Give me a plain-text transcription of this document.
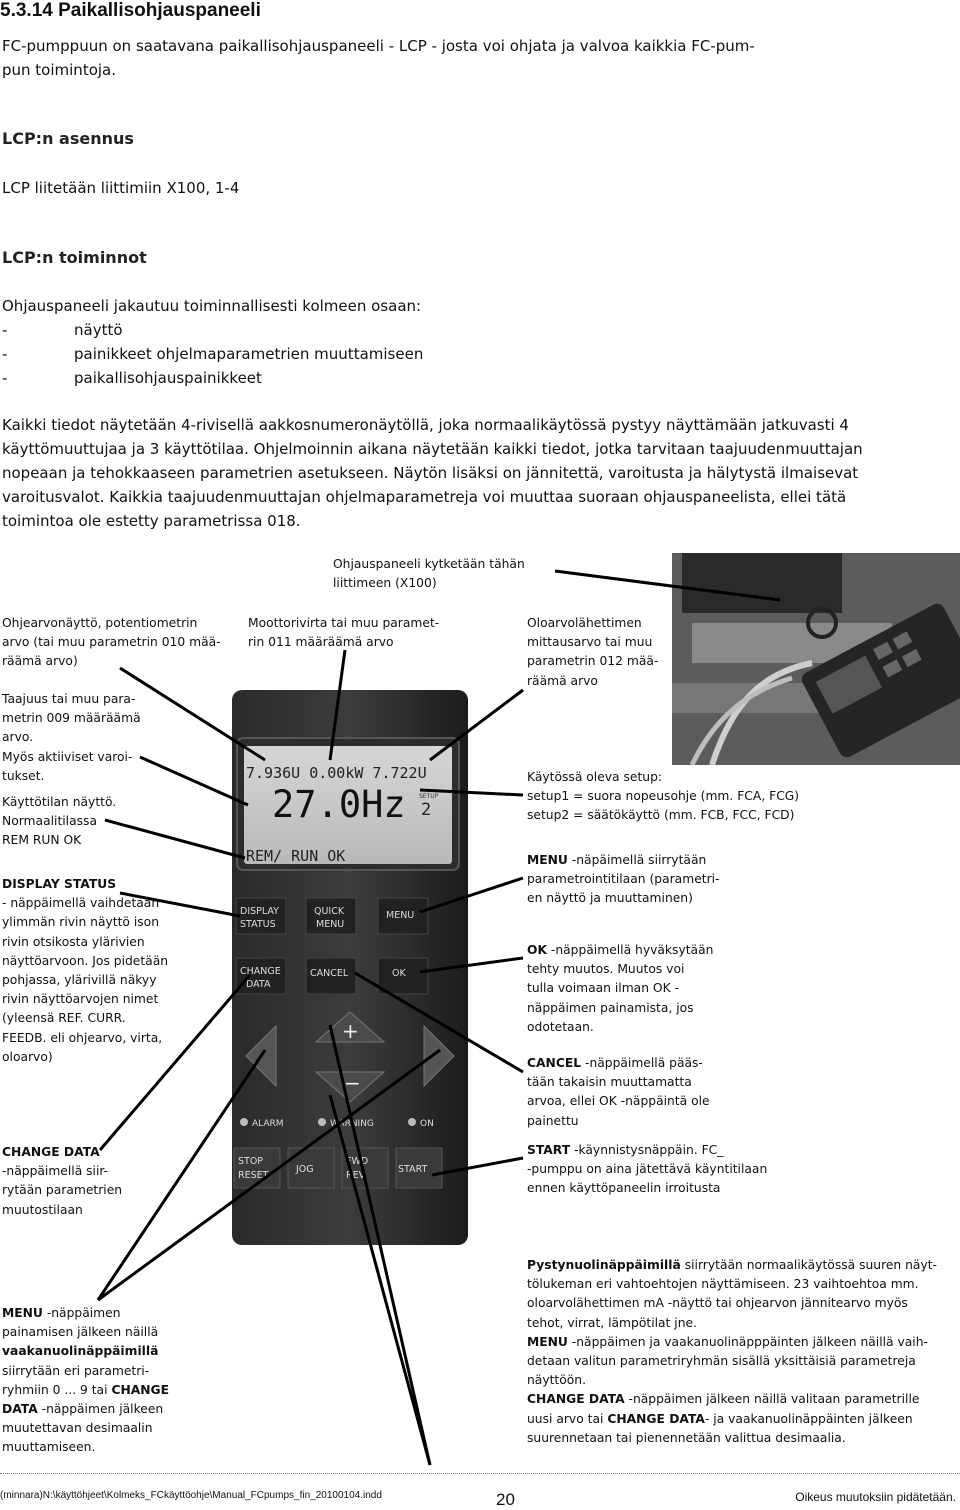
5.3.14 Paikallisohjauspaneeli
FC-pumppuun on saatavana paikallisohjauspaneeli - LCP - josta voi ohjata ja valvoa kaikkia FC-pum-
pun toimintoja.
LCP:n asennus
LCP liitetään liittimiin X100, 1-4
LCP:n toiminnot
Ohjauspaneeli jakautuu toiminnallisesti kolmeen osaan:
-	näyttö
-	painikkeet ohjelmaparametrien muuttamiseen
-	paikallisohjauspainikkeet
Kaikki tiedot näytetään 4-rivisellä aakkosnumeronäytöllä, joka normaalikäytössä pystyy näyttämään jatkuvasti 4
käyttömuuttujaa ja 3 käyttötilaa. Ohjelmoinnin aikana näytetään kaikki tiedot, jotka tarvitaan taajuudenmuuttajan
nopeaan ja tehokkaaseen parametrien asetukseen. Näytön lisäksi on jännitettä, varoitusta ja hälytystä ilmaisevat
varoitusvalot. Kaikkia taajuudenmuuttajan ohjelmaparametreja voi muuttaa suoraan ohjauspaneelista, ellei tätä
toimintoa ole estetty parametrissa 018.
7.936U 0.00kW 7.722U
27.0Hz SETUP
2
REM/ RUN OK
DISPLAY
STATUS
QUICK
MENU
MENU
CHANGE
DATA
CANCEL	OK
+
−
ALARM	WARNING	ON
STOP
RESET
JOG
FWD
REV.
START
Ohjauspaneeli kytketään tähän
liittimeen (X100)
Ohjearvonäyttö, potentiometrin
arvo (tai muu parametrin 010 mää-
räämä arvo)
Moottorivirta tai muu paramet-
rin 011 määräämä arvo
Oloarvolähettimen
mittausarvo tai muu
parametrin 012 mää-
räämä arvo
Taajuus tai muu para-
metrin 009 määräämä
arvo.
Myös aktiiviset varoi-
tukset.	Käytössä oleva setup:
setup1 = suora nopeusohje (mm. FCA, FCG)
setup2 = säätökäyttö (mm. FCB, FCC, FCD)
Käyttötilan näyttö.
Normaalitilassa
REM RUN OK
MENU -näpäimellä siirrytään
parametrointitilaan (parametri-
en näyttö ja muuttaminen)
DISPLAY STATUS
- näppäimellä vaihdetaan
ylimmän rivin näyttö ison
rivin otsikosta ylärivien
näyttöarvoon. Jos pidetään
pohjassa, ylärivillä näkyy
rivin näyttöarvojen nimet
(yleensä REF. CURR.
FEEDB. eli ohjearvo, virta,
oloarvo)
OK -näppäimellä hyväksytään
tehty muutos. Muutos voi
tulla voimaan ilman OK -
näppäimen painamista, jos
odotetaan.
CANCEL -näppäimellä pääs-
tään takaisin muuttamatta
arvoa, ellei OK -näppäintä ole
painettu
CHANGE DATA
-näppäimellä siir-
rytään parametrien
muutostilaan
START -käynnistysnäppäin. FC_
-pumppu on aina jätettävä käyntitilaan
ennen käyttöpaneelin irroitusta
MENU -näppäimen
painamisen jälkeen näillä
vaakanuolinäppäimillä
siirrytään eri parametri-
ryhmiin 0 ... 9 tai CHANGE
DATA -näppäimen jälkeen
muutettavan desimaalin
muuttamiseen.
Pystynuolinäppäimillä siirrytään normaalikäytössä suuren näyt-
tölukeman eri vahtoehtojen näyttämiseen. 23 vaihtoehtoa mm.
oloarvolähettimen mA -näyttö tai ohjearvon jännitearvo myös
tehot, virrat, lämpötilat jne.
MENU -näppäimen ja vaakanuolinäpppäinten jälkeen näillä vaih-
detaan valitun parametriryhmän sisällä yksittäisiä parametreja
näyttöön.
CHANGE DATA -näppäimen jälkeen näillä valitaan parametrille
uusi arvo tai CHANGE DATA- ja vaakanuolinäppäinten jälkeen
suurennetaan tai pienennetään valittua desimaalia.
(minnara)N:\käyttöhjeet\Kolmeks_FCkäyttöohje\Manual_FCpumps_fin_20100104.indd	20	Oikeus muutoksiin pidätetään.
